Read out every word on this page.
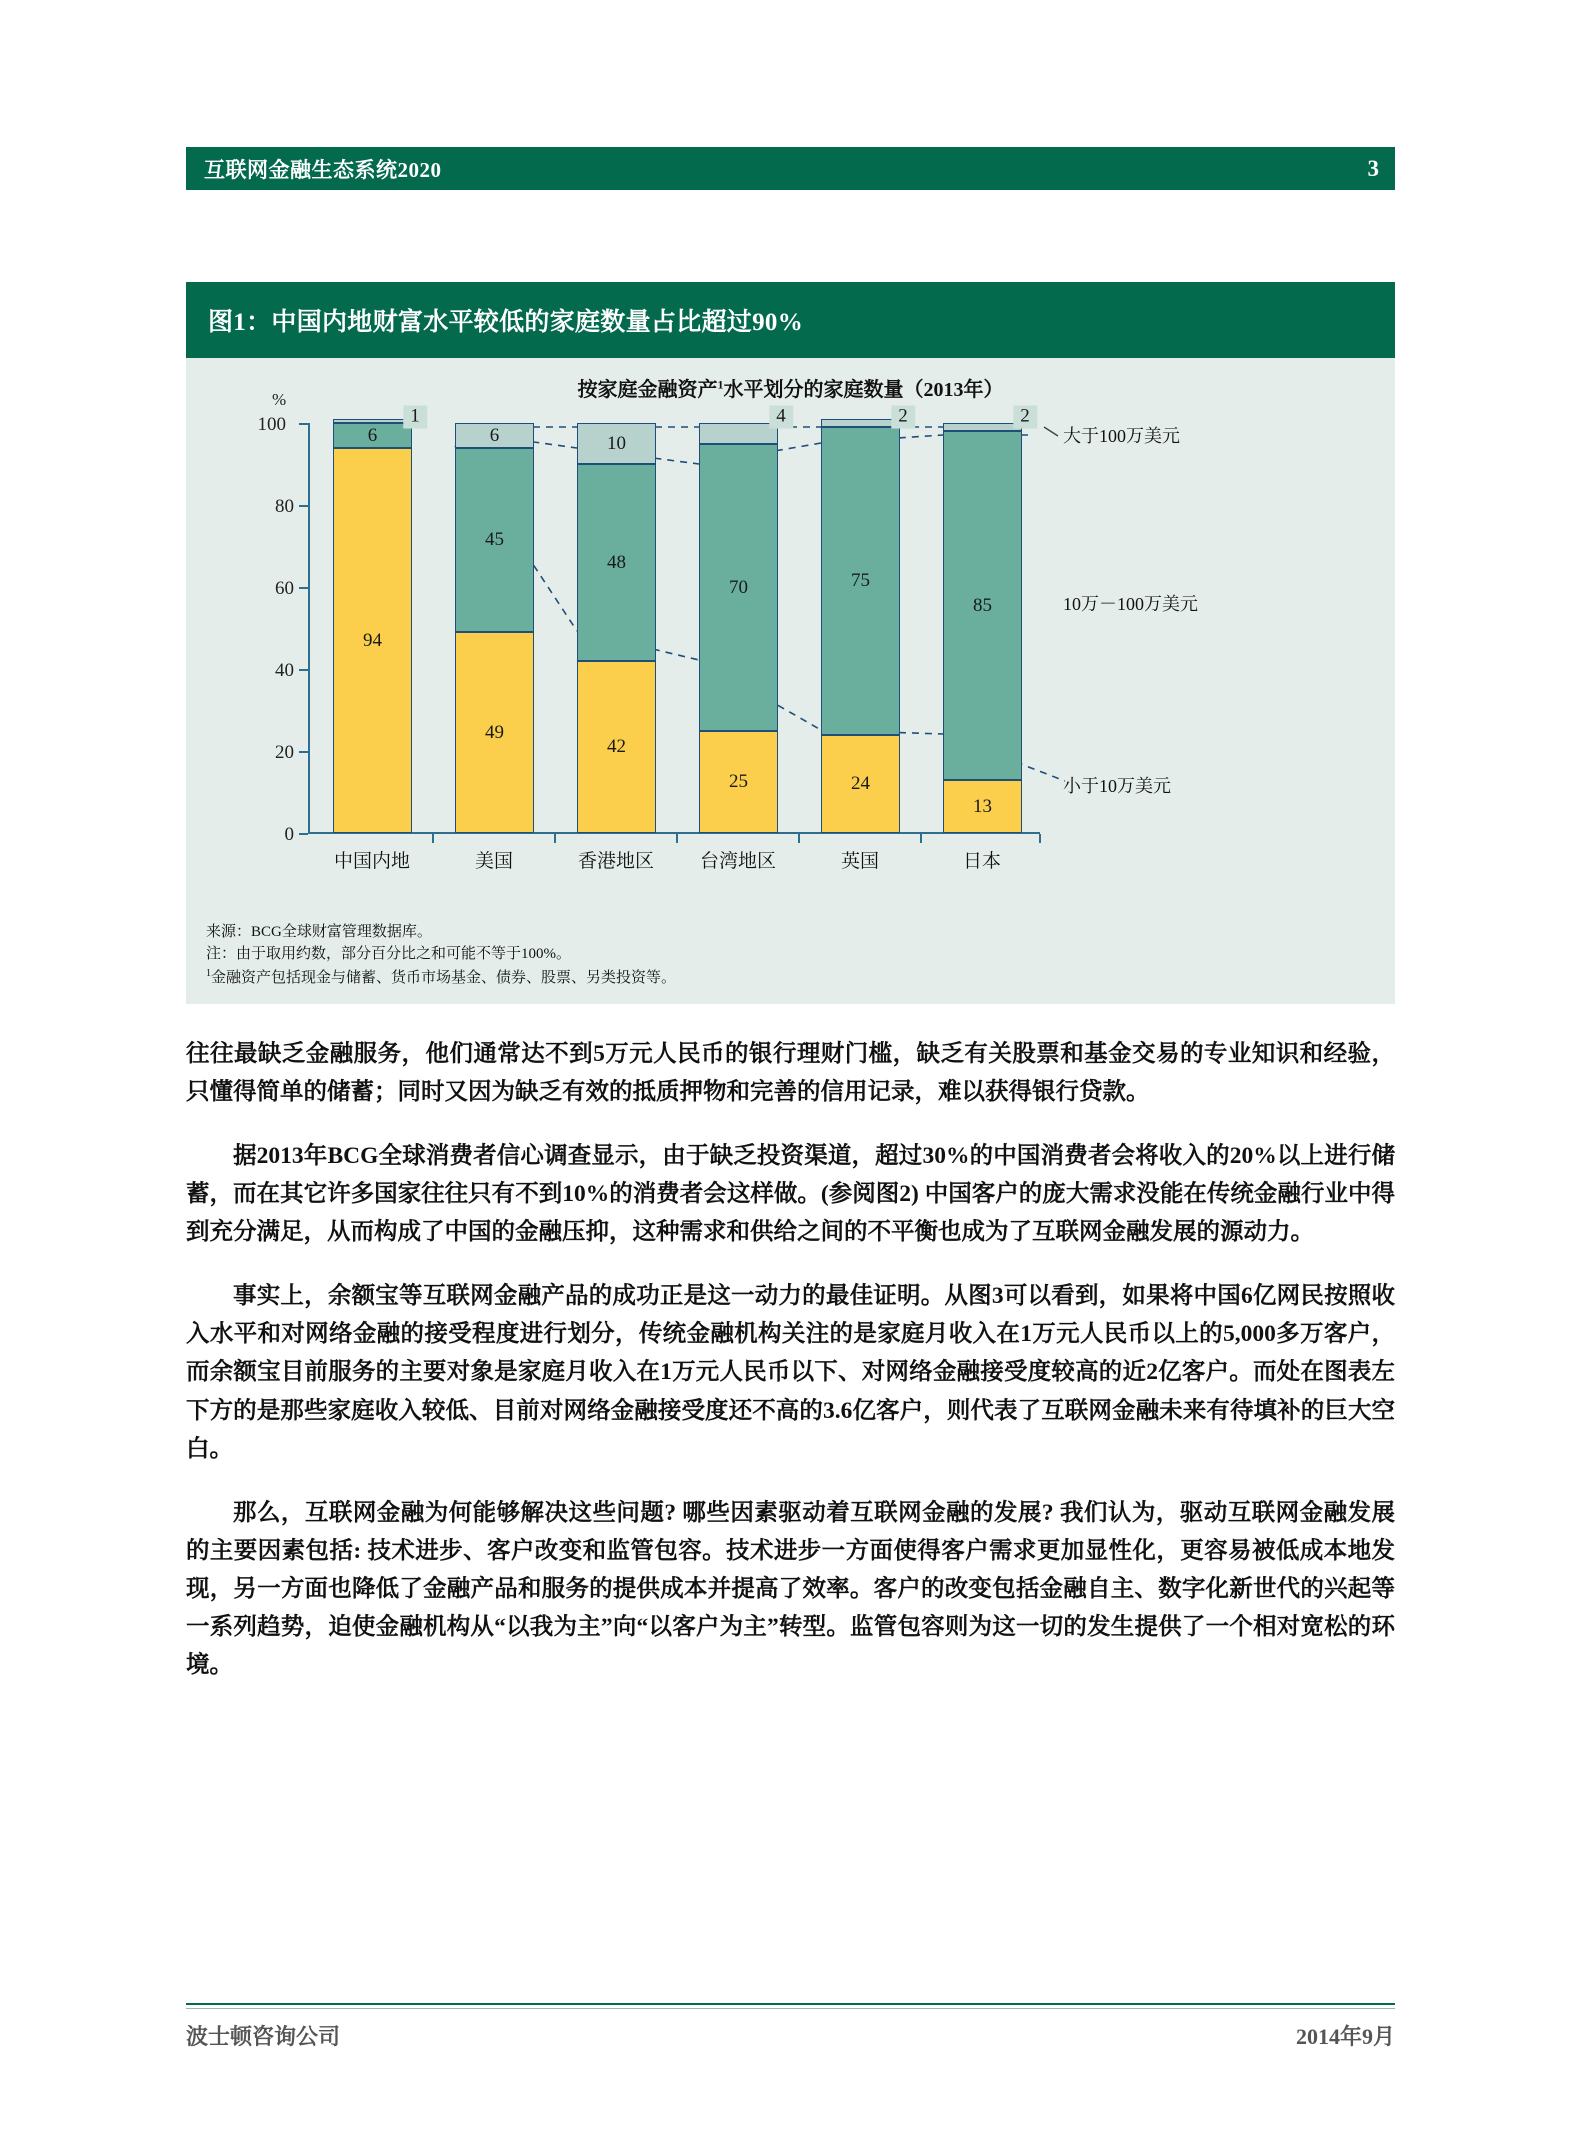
互联网金融生态系统2020	3
图1：中国内地财富水平较低的家庭数量占比超过90%
按家庭金融资产$^1$水平划分的家庭数量（2013年）
%
0
20
40
60
80
100
94
6
1
49
45
6
42
48
10
25
70
4
24
75
2
13
85
2
中国内地	美国	香港地区	台湾地区	英国	日本
大于100万美元
10万－100万美元
小于10万美元
来源：BCG全球财富管理数据库。
注：由于取用约数，部分百分比之和可能不等于100%。
$^1$金融资产包括现金与储蓄、货币市场基金、债券、股票、另类投资等。

往往最缺乏金融服务，他们通常达不到5万元人民币的银行理财门槛，缺乏有关股票和基金交易的专业知识和经验，只懂得简单的储蓄；同时又因为缺乏有效的抵质押物和完善的信用记录，难以获得银行贷款。

据2013年BCG全球消费者信心调查显示，由于缺乏投资渠道，超过30%的中国消费者会将收入的20%以上进行储蓄，而在其它许多国家往往只有不到10%的消费者会这样做。(参阅图2) 中国客户的庞大需求没能在传统金融行业中得到充分满足，从而构成了中国的金融压抑，这种需求和供给之间的不平衡也成为了互联网金融发展的源动力。

事实上，余额宝等互联网金融产品的成功正是这一动力的最佳证明。从图3可以看到，如果将中国6亿网民按照收入水平和对网络金融的接受程度进行划分，传统金融机构关注的是家庭月收入在1万元人民币以上的5,000多万客户，而余额宝目前服务的主要对象是家庭月收入在1万元人民币以下、对网络金融接受度较高的近2亿客户。而处在图表左下方的是那些家庭收入较低、目前对网络金融接受度还不高的3.6亿客户，则代表了互联网金融未来有待填补的巨大空白。

那么，互联网金融为何能够解决这些问题? 哪些因素驱动着互联网金融的发展? 我们认为，驱动互联网金融发展的主要因素包括: 技术进步、客户改变和监管包容。技术进步一方面使得客户需求更加显性化，更容易被低成本地发现，另一方面也降低了金融产品和服务的提供成本并提高了效率。客户的改变包括金融自主、数字化新世代的兴起等一系列趋势，迫使金融机构从“以我为主”向“以客户为主”转型。监管包容则为这一切的发生提供了一个相对宽松的环境。

波士顿咨询公司	2014年9月
